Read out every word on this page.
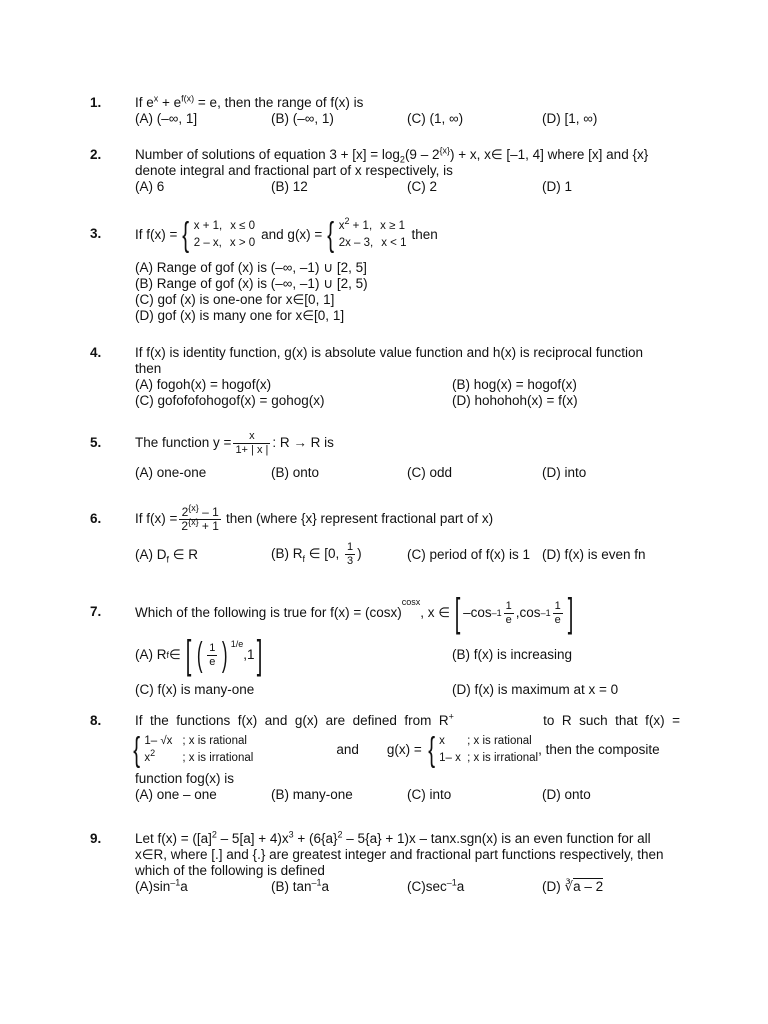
1. If $e^x + e^{f(x)} = e$, then the range of f(x) is
(A) (–∞, 1]	(B) (–∞, 1)	(C) (1, ∞)	(D) [1, ∞)
2. Number of solutions of equation $3 + [x] = \log_2(9 - 2^{\{x\}}) + x$, x∈ [–1, 4] where [x] and {x}
denote integral and fractional part of x respectively, is
(A) 6	(B) 12	(C) 2	(D) 1
3. If f(x) = { x + 1, x ≤ 0
2 – x, x > 0
and g(x) = { $x^2 + 1$, x ≥ 1
2x – 3, x < 1
then
(A) Range of gof (x) is (–∞, –1) ∪ [2, 5]
(B) Range of gof (x) is (–∞, –1) ∪ [2, 5)
(C) gof (x) is one-one for x∈[0, 1]
(D) gof (x) is many one for x∈[0, 1]
4. If f(x) is identity function, g(x) is absolute value function and h(x) is reciprocal function
then
(A) fogoh(x) = hogof(x)	(B) hog(x) = hogof(x)
(C) gofofofohogof(x) = gohog(x)	(D) hohohoh(x) = f(x)
5. The function $y = \frac{x}{1+ | x |}$ : R → R is
(A) one-one	(B) onto	(C) odd	(D) into
6. If $f(x) = \frac{2^{\{x\}} - 1}{2^{\{x\}} + 1}$ then (where {x} represent fractional part of x)
(A) $D_f$ ∈ R	(B) $R_f$ ∈ [0, $\frac{1}{3}$ )	(C) period of f(x) is 1 (D) f(x) is even fn
7. Which of the following is true for f(x) = (cosx)
cosx
, x ∈ [ –cos $-1 \frac{1}{e} ,\cos$ $-1 \frac{1}{e}$ ]
(A) R f ∈ [ ( $\frac{1}{e}$ ) 1/e
,1 ]	(B) f(x) is increasing
(C) f(x) is many-one	(D) f(x) is maximum at x = 0
8. If  the  functions  f(x)  and  g(x)  are  defined  from  R+	to  R  such  that  f(x)  =
{ 1– √x ; x is rational
$x^2$ ; x is irrational
and g(x) = { x ; x is rational
1– x ; x is irrational
, then the composite
function fog(x) is
(A) one – one	(B) many-one	(C) into	(D) onto
9. Let $f(x) = ([a]^2 - 5[a] + 4)x^3 + (6\{a\}^2 - 5\{a\} + 1)x - \tan x.sgn(x)$ is an even function for all
x∈R, where [.] and {.} are greatest integer and fractional part functions respectively, then
which of the following is defined
$(A)\sin^{-1}a$	(B) $\tan^{-1}a$	$(C)\sec^{-1}a$	(D) ∛a – 2
